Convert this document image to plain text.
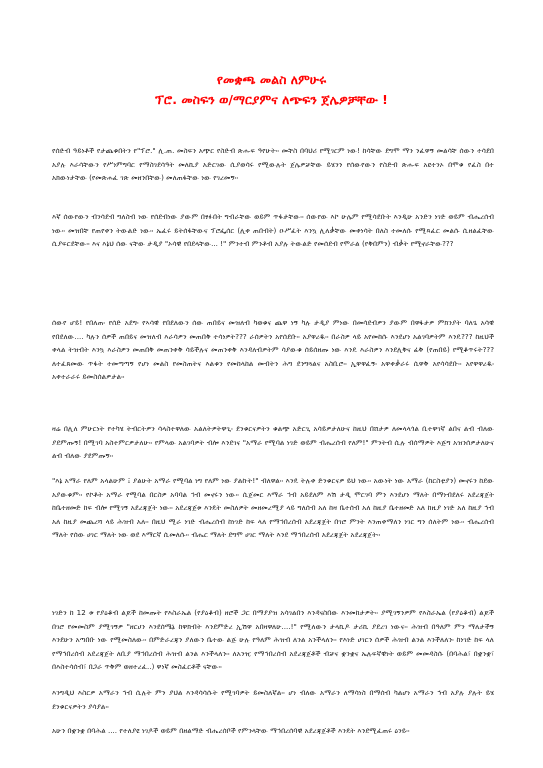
የመቋጫ መልስ ለምሁሩ
ፕሮ. መስፍን ወ/ማርያምና ለጭፍን ጀሌዎቻቸው !
የሰድብ ዓይነቶች የታጨቁበትን የ"ፕሮ." ሊ.ጠ. መስፍን አጭር የስድብ ጽሑፍ ዓየሁት፡፡ መቸስ በባህሪ የሚገርም ነው! ከሳቸው ደግሞ ማን ንፈዋኝ መልሳቸ ሰውን ተሳደበ አያሉ እራሳቸውን የሥነምግባር የማስገደሳዓት መለኪያ አድርገው ሲያወሳሩ የሚውሉት ጀሌዎቻቸው ይሄንን የሰውየውን የስድብ ጽሑፍ አዩተንኦ በሞቁ የፈስ በተ አክውነታቸው (የመጽሐፈ ገጽ መዘንበቸው) መለጠፋቸው ነው የገረመኝ፡፡
እኛ ሰውየውን ብንሳደብ ግለስብ ነው የሰደብነው ያውም በፃፉበት ግብራቸው ወይም ጥፋታቸው፡፡ ሰውየው እኮ ሁሌም የሚሳደቡት እንዲሁ አንድን ነገድ ወይም ብሔረሰብ ነው፡፡ መዝበቸ የጠየቀን ትውልድ ነው፡፡ ኤፈሩ ይትሰፋቸውና ፕሮፌሰር (ሊቀ ጠበብት) ዑሥፈት እንኳ ሊለቃቸው መቀነሳት በለስ ተመለሱ የሚጻፈር መልሱ ሲዘልፈቸው ሲያፍርደቸው፡፡ እና እኔህ ሰው ናቸው ታዲያ "ኦሳዊ የበደላቸው... !" ምንተብ ምንቶብ አያሉ ትውልድ የመሰደብ የሞራል (የቅበምን) ብቃት የሚኖራቸው???
ሰውየ ሆይ! የበለጠ፡ የሰድ አደግ፡ የኣሳዊ የበደለውን ሰው ጠበይና መዝለብ ካወቁና ጨዋ ነኝ ካሉ ታዲያ ምነው በመሳደብዎን ያውም በዋፋታዎ ምክንያት ባለጌ አሳዊ የበደለው.... ካሉን ሰዎች ጠበይና መዝለብ እራሳዎን መጠበቅ ተሳነዎት??? ራሰዎትን አየሰደቡ፡፡ አያዋረዱ፡፡ በራስዎ ላይ አየመከሱ እንደሆነ አልገባዎትም እንዴ??? ከዚህች ቀላል ትዝብት እንኳ እራስዎን መጠበቅ መጠንቀቅ ሳይችሉና መጠንቀቅ እንዳለብዎትም ሳያውቁ ሰይሰዘጡ ነው እንዴ እራስዎን እንደሊቅና ፊቅ (የጠበይ) የሚቆጥሩት??? ለተፈጸመው ጥፋት ተመጣጣኝ የሆነ መልስ የመስጠትና እልቁን የመከላከል መብትን ሕግ ደንግጓልና አስቢሮ፡፡ ኢዋዋፈኝ፡ አዋቀቃራሩ ሲዋቅ አየሳሳደቡ፡፡ አየዋዋረዱ፡ አቀተራራሩ ይመስሰልዎታል፡፡
ዛሬ በሊለ ምሁርነት የተካሄ ትብርትዎን ሳላስተዋለው አልለትዎትዋጊ፡ ደንቁርናዎትን ቁልጭ አድርጊ አሳይዎታለሁና ከዚህ በሸታዎ ለመላላጎል ቢተዋገኛ ልበና ልብ ብለው ያደምጡኝ! በሚገባ አስተምርዎታለሁ፡፡ የምላው አልገባዎት ብሎ እንደገና "አማራ የሚባል ነገድ ወይም ብሔረሰብ የለም!" ምንትብ ሲሉ ብሰማዎት እጅግ አዝንሰዎታለሁና ልብ ብለው ያደምጡኝ፡፡
"እኔ አማራ የለም አላልሁም ፤ ያልሁት አማራ የሚባል ነግ የለም ነው ያልኩት!" ብለዋል፡፡ እንዴ ትሉቀ ድንቁርናዎ ይህ ነው፡፡ አውነት ነው አማራ (ከርስቲያን) መኖሩን ከደው አያውቁም፡፡ የኮቶት አማራ የሚባል በርስዎ አባባል ኅብ መኖሩን ነው፡፡ ሲጀመር እማራ ኅብ አይደለም እሽ ታዲ ሞርገባ ምን እንደሆነ ማለት በማነብደለሩ አደረጃጀት ከቤተዘመድ ከፍ ብሎ የሚገኝ አደረጃጀት ነው፡፡ አደረጃጀቱ እንዴት መስለዎት መዘመረሚያ ላይ ግለሰብ አለ ከዛ ቤተሰብ አለ ከዚያ ቤተዘመድ አለ ከዚያ ነገድ አለ ከዚያ ኅብ አለ ከዚያ መጨረሻ ላይ ሕዝብ አለ፡፡ በዚህ ሚራ ነገድ ብሔረሰብ ከነገድ ከፍ ላለ የማኅበረሰብ አደረጃጀት በገሮ ምንት እንጠቀማለን ነገር ግን ሰለትም ነው፡፡ ብሔረሰብ ማለት የሰው ሀገር ማለት ነው ወደ እማርኛ ሲመለሱ፡፡ ብሔር ማለት ደግሞ ሀገር ማለት እንደ ማኅበረሰብ አደረጃጀት አደረጃጀት፡፡
ነገድን ከ 12 ቱ የያዕቆብ ልጆች ከመጡት የእስራኤል (የያዕቆብ) ዘሮች ጋር በማያያዝ አሳገልበን እንዳናስበው እንመከታዎት፡፡ ያሚገኝንዎም የእስራኤል (የያዕቆብ) ልጆች በገሮ የመመስም ያሚገኝዎ "ዘርሀን እንደሰሜኔ ከዋክብት እንደምድረ ኢሽዋ አበዛዋለሁ....!" የሚለውን ታላኪዶ ታሪኪ ያደረገ ነውና፡፡ ሕዝብ በዓለም ምን ማለታችኝ እንደሁን አጣበቡ ነው የሚመስለው፡፡ በምድራረጃን ያለውን ቤተው ልጅ ሁሉ የዓለም ሕዝብ ለንል አንችላለን፡፡ የእነድ ሀገርን ሰዎች ሕዝብ ልንል እንችለለን፡ ከነገድ ከፍ ላለ የማኅበረሰብ አደረጃጀት ለቢያ ማኅበረሰብ ሕዝብ ልንል እንችላለን፡፡ ለአንዢ የማኅበረሰብ አደረጃጀቶች ብቻና ቋንቋና ኤሉፍኛዊነት ወይም መመዳስሱ (በባሕል፣ በቋንቋ፣ በእስተሳሰብ፣ በጋራ ጥቅም ወዘተረፈ..) ዋነኛ መስፈርቶች ናቸው፡፡
እንግዲህ እስርዎ አማራን ኅብ ሲሉት ምን ያህል እንዳሳሳሱት የሚገባዎት ይመስለኛል፡፡ ሆነ ብለው አማራን ለማሳነስ በማሰብ ካልሆነ አማራን ኅብ አያሉ ያሉት ይሄ ደንቁርናዎትን ያሳያል፡፡
አሁን በቋንቋ በባሕል .... የተለያዩ ነገዶች ወይም በዘልማድ ብሔረሰቦች የምንላቸው ማኅበረሰባዊ አደረጃጀቶች እንዴት እንደሚፈጠሩ ዕንይ፡፡
